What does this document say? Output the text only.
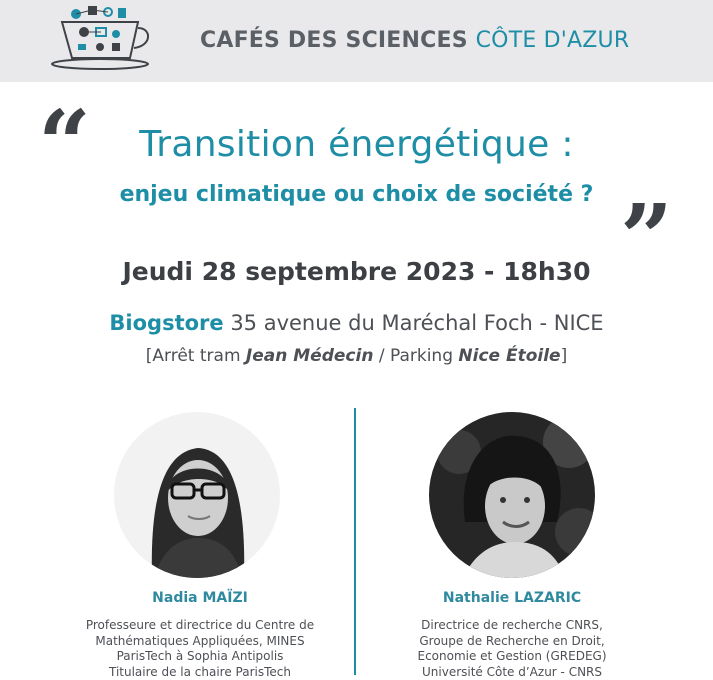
CAFÉS DES SCIENCES CÔTE D'AZUR
“	Transition énergétique :
enjeu climatique ou choix de société ? ”
Jeudi 28 septembre 2023 - 18h30
Biogstore 35 avenue du Maréchal Foch - NICE
[Arrêt tram Jean Médecin / Parking Nice Étoile]
Nadia MAÏZI	Nathalie LAZARIC
Professeure et directrice du Centre de
Mathématiques Appliquées, MINES
ParisTech à Sophia Antipolis
Titulaire de la chaire ParisTech
Directrice de recherche CNRS,
Groupe de Recherche en Droit,
Economie et Gestion (GREDEG)
Université Côte d’Azur - CNRS
